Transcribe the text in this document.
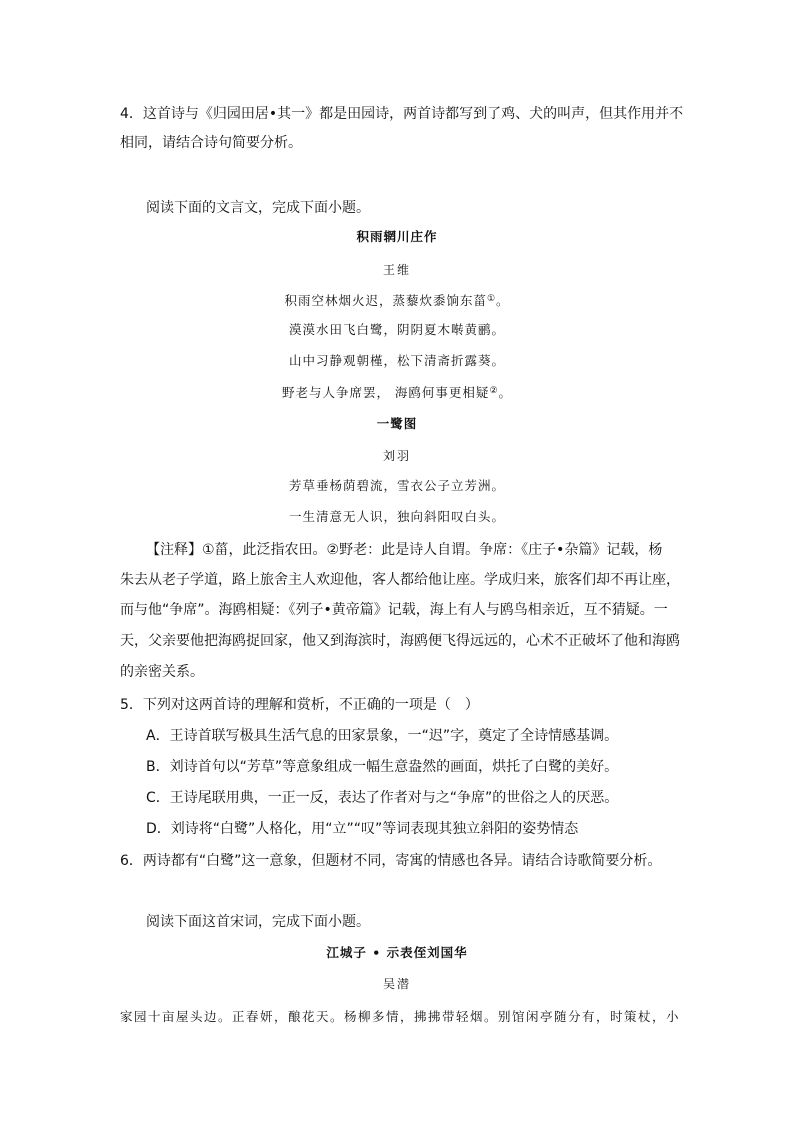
4．这首诗与《归园田居•其一》都是田园诗，两首诗都写到了鸡、犬的叫声，但其作用并不
相同，请结合诗句简要分析。
阅读下面的文言文，完成下面小题。
积雨辋川庄作
王维
积雨空林烟火迟，蒸藜炊黍饷东菑①。
漠漠水田飞白鹭，阴阴夏木啭黄鹂。
山中习静观朝槿，松下清斋折露葵。
野老与人争席罢， 海鸥何事更相疑②。
一鹭图
刘羽
芳草垂杨荫碧流，雪衣公子立芳洲。
一生清意无人识，独向斜阳叹白头。
【注释】①菑，此泛指农田。②野老：此是诗人自谓。争席：《庄子•杂篇》记载，杨
朱去从老子学道，路上旅舍主人欢迎他，客人都给他让座。学成归来，旅客们却不再让座，
而与他“争席”。海鸥相疑：《列子•黄帝篇》记载，海上有人与鸥鸟相亲近，互不猜疑。一
天，父亲要他把海鸥捉回家，他又到海滨时，海鸥便飞得远远的，心术不正破坏了他和海鸥
的亲密关系。
5．下列对这两首诗的理解和赏析，不正确的一项是（　）
A．王诗首联写极具生活气息的田家景象，一“迟”字，奠定了全诗情感基调。
B．刘诗首句以“芳草”等意象组成一幅生意盎然的画面，烘托了白鹭的美好。
C．王诗尾联用典，一正一反，表达了作者对与之“争席”的世俗之人的厌恶。
D．刘诗将“白鹭”人格化，用“立”“叹”等词表现其独立斜阳的姿势情态
6．两诗都有“白鹭”这一意象，但题材不同，寄寓的情感也各异。请结合诗歌简要分析。
阅读下面这首宋词，完成下面小题。
江城子 • 示表侄刘国华
吴潜
家园十亩屋头边。正春妍，酿花天。杨柳多情，拂拂带轻烟。别馆闲亭随分有，时策杖，小
